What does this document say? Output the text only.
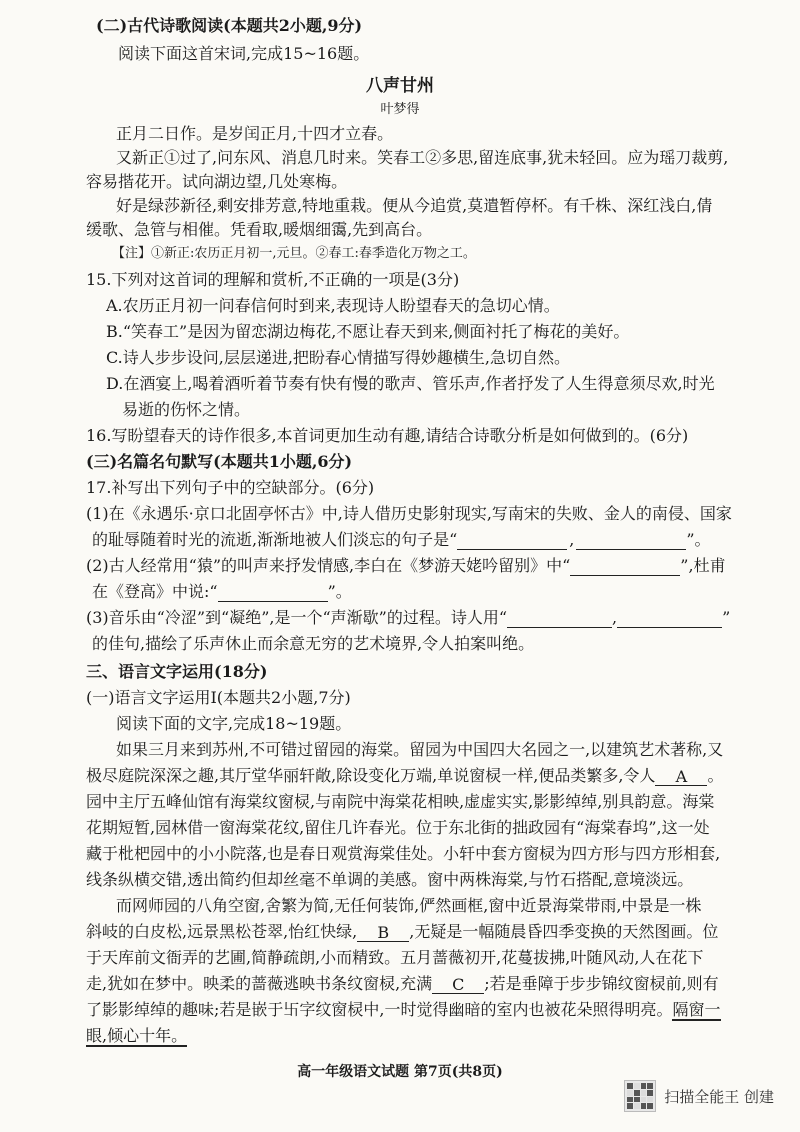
(二)古代诗歌阅读(本题共2小题,9分)
阅读下面这首宋词,完成15~16题。
八声甘州
叶梦得
正月二日作。是岁闰正月,十四才立春。
又新正①过了,问东风、消息几时来。笑春工②多思,留连底事,犹未轻回。应为瑶刀裁剪,
容易揩花开。试向湖边望,几处寒梅。
好是绿莎新径,剩安排芳意,特地重栽。便从今追赏,莫遣暂停杯。有千株、深红浅白,倩
缓歌、急管与相催。凭看取,暖烟细霭,先到高台。
【注】①新正:农历正月初一,元旦。②春工:春季造化万物之工。
15.下列对这首词的理解和赏析,不正确的一项是(3分)
A.农历正月初一问春信何时到来,表现诗人盼望春天的急切心情。
B.“笑春工”是因为留恋湖边梅花,不愿让春天到来,侧面衬托了梅花的美好。
C.诗人步步设问,层层递进,把盼春心情描写得妙趣横生,急切自然。
D.在酒宴上,喝着酒听着节奏有快有慢的歌声、管乐声,作者抒发了人生得意须尽欢,时光
易逝的伤怀之情。
16.写盼望春天的诗作很多,本首词更加生动有趣,请结合诗歌分析是如何做到的。(6分)
(三)名篇名句默写(本题共1小题,6分)
17.补写出下列句子中的空缺部分。(6分)
(1)在《永遇乐·京口北固亭怀古》中,诗人借历史影射现实,写南宋的失败、金人的南侵、国家
的耻辱随着时光的流逝,渐渐地被人们淡忘的句子是“	,	”。
(2)古人经常用“猿”的叫声来抒发情感,李白在《梦游天姥吟留别》中“	”,杜甫
在《登高》中说:“	”。
(3)音乐由“冷涩”到“凝绝”,是一个“声渐歇”的过程。诗人用“	,	”
的佳句,描绘了乐声休止而余意无穷的艺术境界,令人拍案叫绝。
三、语言文字运用(18分)
(一)语言文字运用Ⅰ(本题共2小题,7分)
阅读下面的文字,完成18~19题。
如果三月来到苏州,不可错过留园的海棠。留园为中国四大名园之一,以建筑艺术著称,又
极尽庭院深深之趣,其厅堂华丽轩敞,除设变化万端,单说窗棂一样,便品类繁多,令人 A 。
园中主厅五峰仙馆有海棠纹窗棂,与南院中海棠花相映,虚虚实实,影影绰绰,别具韵意。海棠
花期短暂,园林借一窗海棠花纹,留住几许春光。位于东北街的拙政园有“海棠春坞”,这一处
藏于枇杷园中的小小院落,也是春日观赏海棠佳处。小轩中套方窗棂为四方形与四方形相套,
线条纵横交错,透出简约但却丝毫不单调的美感。窗中两株海棠,与竹石搭配,意境淡远。
而网师园的八角空窗,舍繁为简,无任何装饰,俨然画框,窗中近景海棠带雨,中景是一株
斜岐的白皮松,远景黑松苍翠,怡红快绿, B ,无疑是一幅随晨昏四季变换的天然图画。位
于天库前文衙弄的艺圃,简静疏朗,小而精致。五月蔷薇初开,花蔓拔拂,叶随风动,人在花下
走,犹如在梦中。映柔的蔷薇逃映书条纹窗棂,充满 C ;若是垂障于步步锦纹窗棂前,则有
了影影绰绰的趣味;若是嵌于卐字纹窗棂中,一时觉得幽暗的室内也被花朵照得明亮。隔窗一
眼,倾心十年。
高一年级语文试题 第7页(共8页)
扫描全能王 创建
